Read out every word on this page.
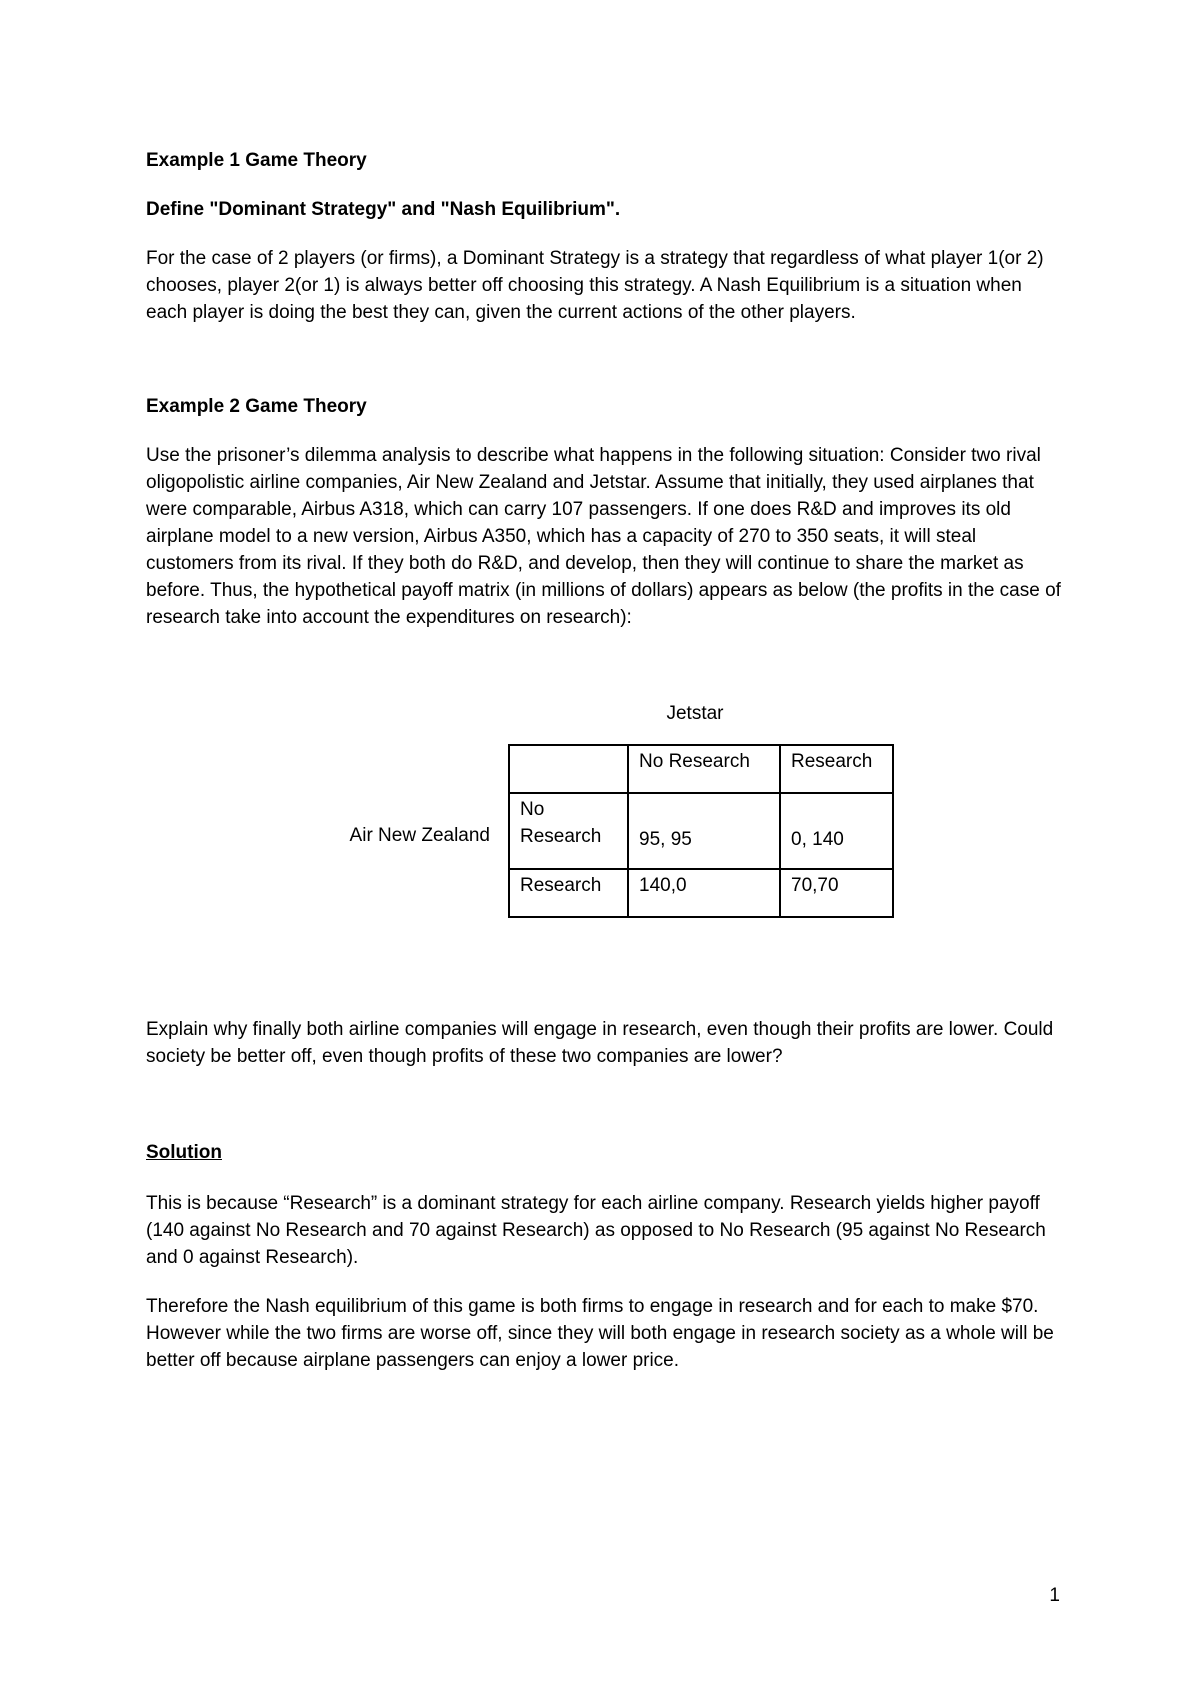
Example 1 Game Theory

Define "Dominant Strategy" and "Nash Equilibrium".

For the case of 2 players (or firms), a Dominant Strategy is a strategy that regardless of what player 1(or 2) chooses, player 2(or 1) is always better off choosing this strategy. A Nash Equilibrium is a situation when each player is doing the best they can, given the current actions of the other players.

Example 2 Game Theory

Use the prisoner’s dilemma analysis to describe what happens in the following situation: Consider two rival oligopolistic airline companies, Air New Zealand and Jetstar. Assume that initially, they used airplanes that were comparable, Airbus A318, which can carry 107 passengers. If one does R&D and improves its old airplane model to a new version, Airbus A350, which has a capacity of 270 to 350 seats, it will steal customers from its rival. If they both do R&D, and develop, then they will continue to share the market as before. Thus, the hypothetical payoff matrix (in millions of dollars) appears as below (the profits in the case of research take into account the expenditures on research):

Jetstar
Air New Zealand
	No Research	Research

No
Research	95, 95	0, 140
Research	140,0	70,70

Explain why finally both airline companies will engage in research, even though their profits are lower. Could society be better off, even though profits of these two companies are lower?

Solution

This is because “Research” is a dominant strategy for each airline company. Research yields higher payoff (140 against No Research and 70 against Research) as opposed to No Research (95 against No Research and 0 against Research).

Therefore the Nash equilibrium of this game is both firms to engage in research and for each to make $70. However while the two firms are worse off, since they will both engage in research society as a whole will be better off because airplane passengers can enjoy a lower price.

1
